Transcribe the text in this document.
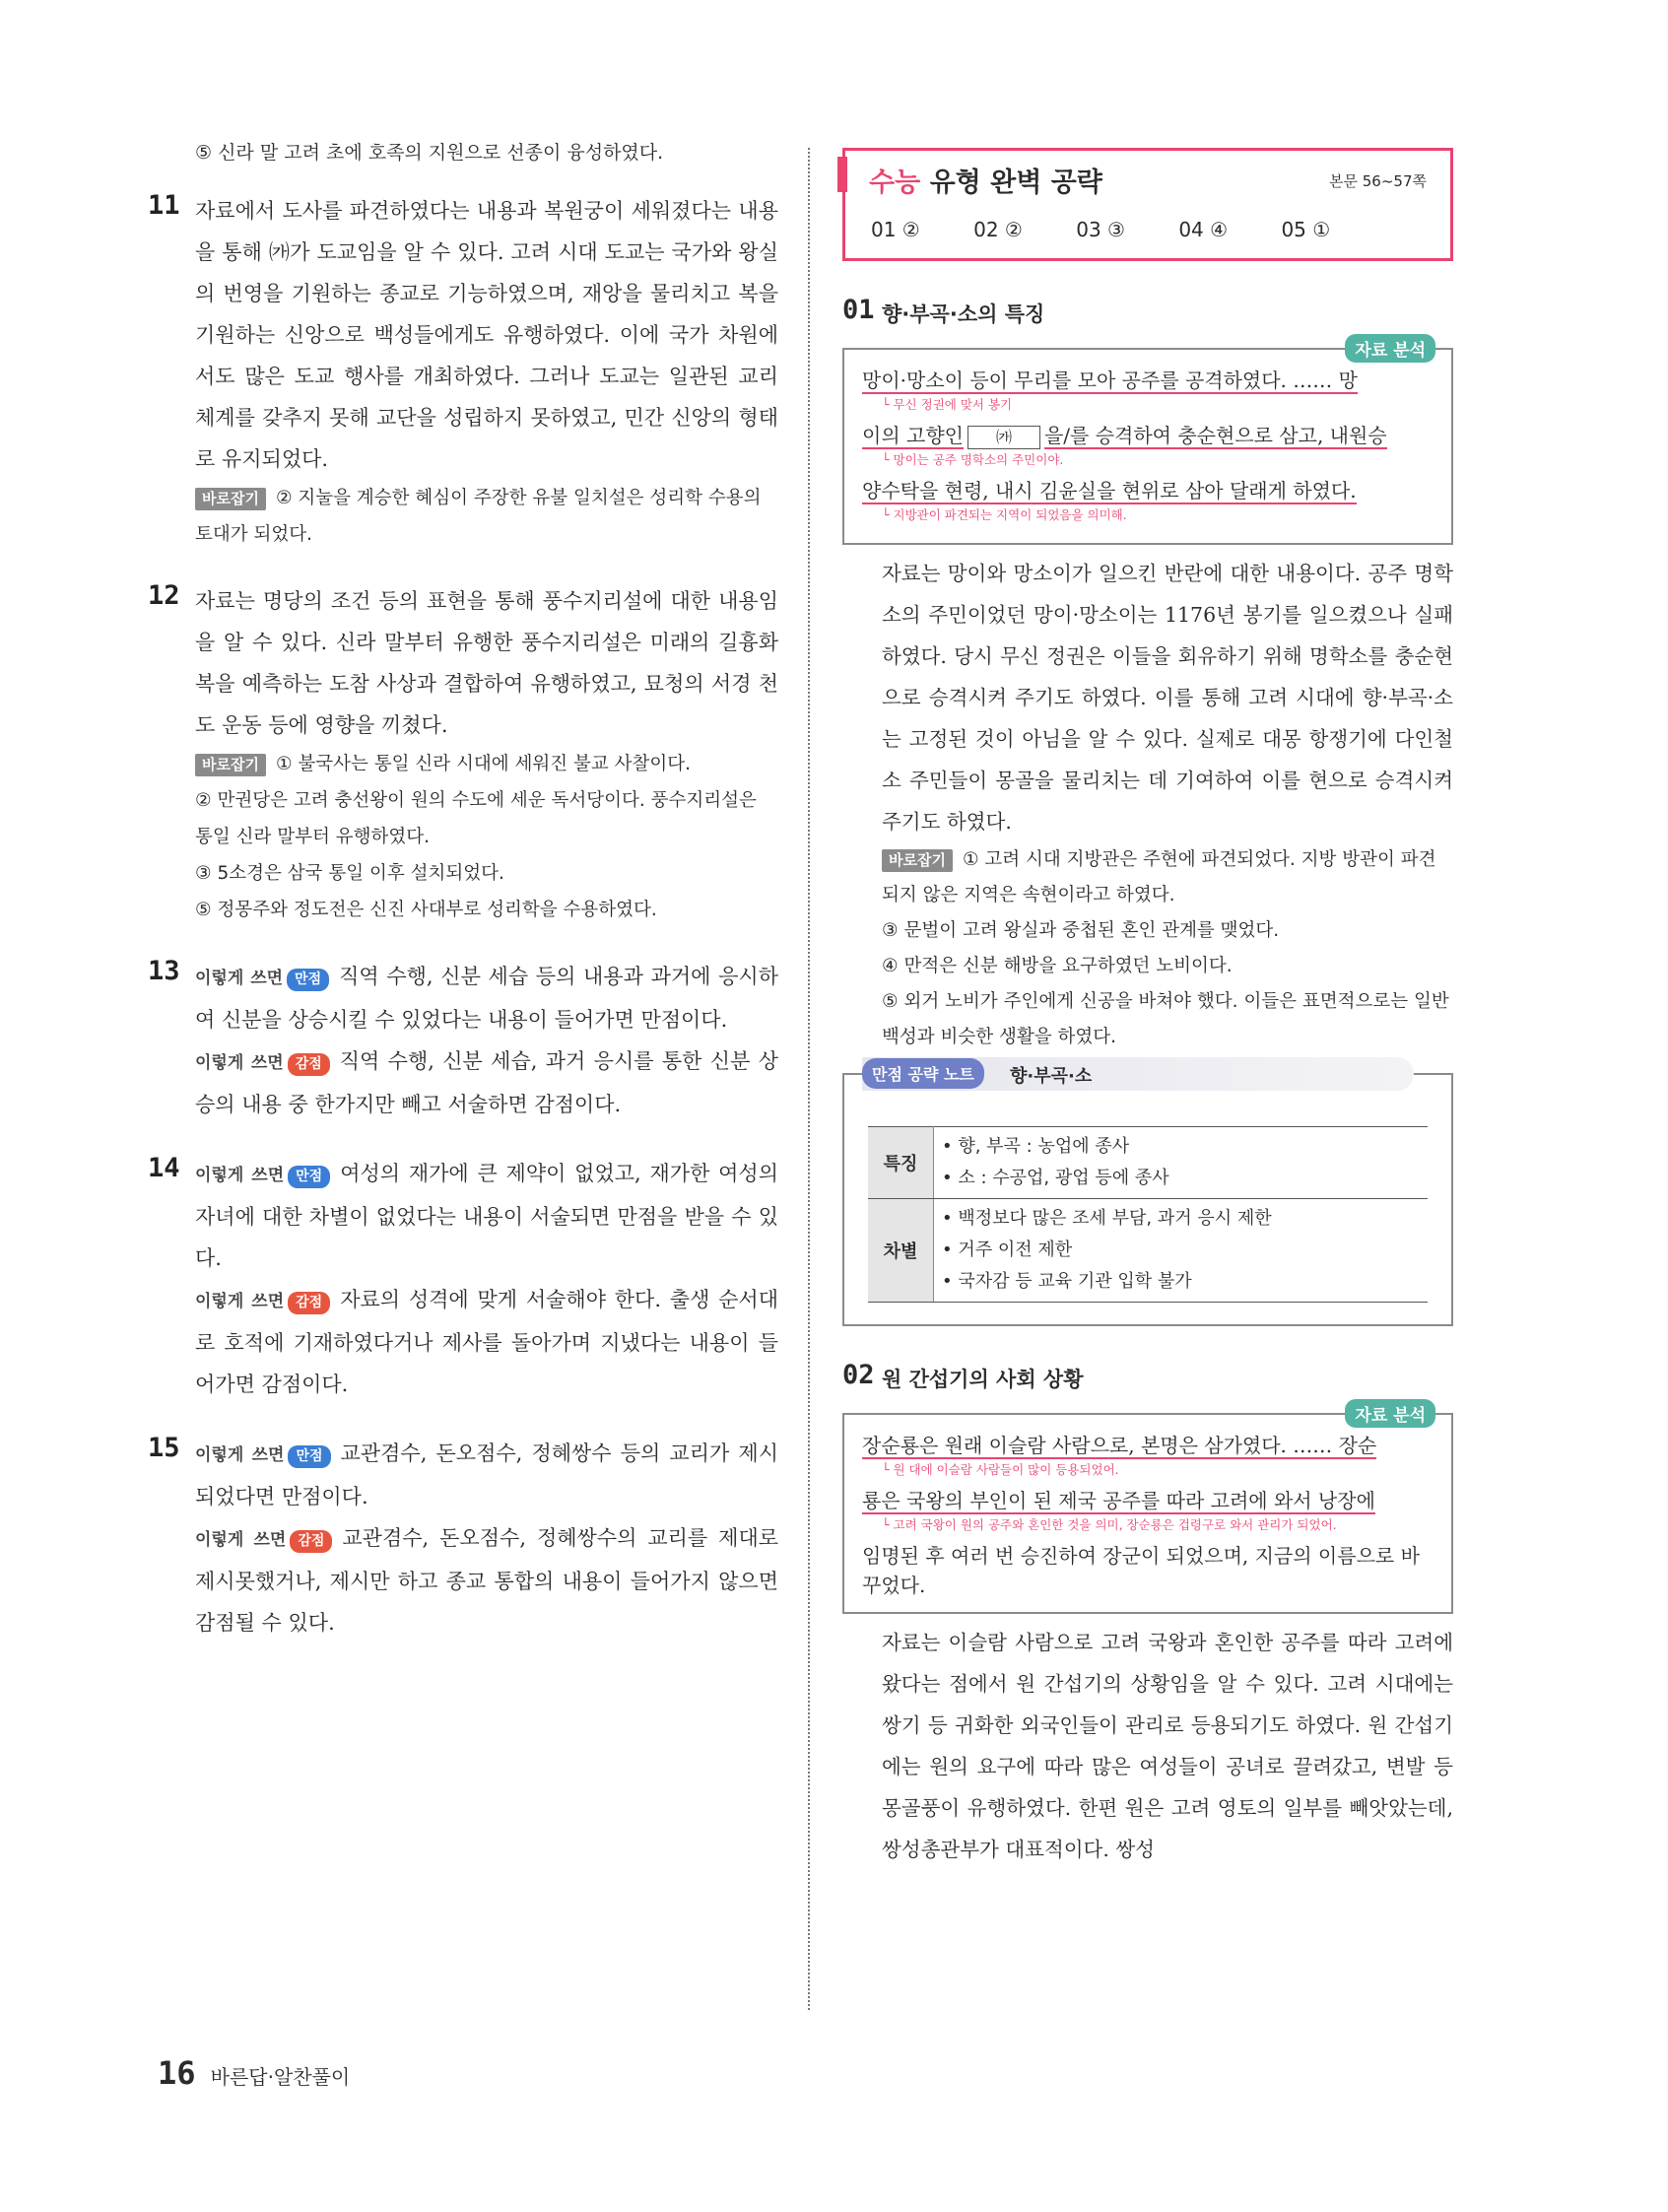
⑤ 신라 말 고려 초에 호족의 지원으로 선종이 융성하였다.
11 자료에서 도사를 파견하였다는 내용과 복원궁이 세워졌다는 내용을 통해 ㈎가 도교임을 알 수 있다. 고려 시대 도교는 국가와 왕실의 번영을 기원하는 종교로 기능하였으며, 재앙을 물리치고 복을 기원하는 신앙으로 백성들에게도 유행하였다. 이에 국가 차원에서도 많은 도교 행사를 개최하였다. 그러나 도교는 일관된 교리 체계를 갖추지 못해 교단을 성립하지 못하였고, 민간 신앙의 형태로 유지되었다.
바로잡기 ② 지눌을 계승한 혜심이 주장한 유불 일치설은 성리학 수용의 토대가 되었다.
12 자료는 명당의 조건 등의 표현을 통해 풍수지리설에 대한 내용임을 알 수 있다. 신라 말부터 유행한 풍수지리설은 미래의 길흉화복을 예측하는 도참 사상과 결합하여 유행하였고, 묘청의 서경 천도 운동 등에 영향을 끼쳤다.
바로잡기 ① 불국사는 통일 신라 시대에 세워진 불교 사찰이다.
② 만권당은 고려 충선왕이 원의 수도에 세운 독서당이다. 풍수지리설은 통일 신라 말부터 유행하였다.
③ 5소경은 삼국 통일 이후 설치되었다.
⑤ 정몽주와 정도전은 신진 사대부로 성리학을 수용하였다.
13 이렇게 쓰면 만점 직역 수행, 신분 세습 등의 내용과 과거에 응시하여 신분을 상승시킬 수 있었다는 내용이 들어가면 만점이다.
이렇게 쓰면 감점 직역 수행, 신분 세습, 과거 응시를 통한 신분 상승의 내용 중 한가지만 빼고 서술하면 감점이다.
14 이렇게 쓰면 만점 여성의 재가에 큰 제약이 없었고, 재가한 여성의 자녀에 대한 차별이 없었다는 내용이 서술되면 만점을 받을 수 있다.
이렇게 쓰면 감점 자료의 성격에 맞게 서술해야 한다. 출생 순서대로 호적에 기재하였다거나 제사를 돌아가며 지냈다는 내용이 들어가면 감점이다.
15 이렇게 쓰면 만점 교관겸수, 돈오점수, 정혜쌍수 등의 교리가 제시되었다면 만점이다.
이렇게 쓰면 감점 교관겸수, 돈오점수, 정혜쌍수의 교리를 제대로 제시못했거나, 제시만 하고 종교 통합의 내용이 들어가지 않으면 감점될 수 있다.
수능 유형 완벽 공략	본문 56~57쪽
01 ②	02 ②	03 ③	04 ④	05 ①
01 향·부곡·소의 특징
자료 분석
망이·망소이 등이 무리를 모아 공주를 공격하였다. …… 망
└ 무신 정권에 맞서 봉기
이의 고향인 ㈎ 을/를 승격하여 충순현으로 삼고, 내원승
└ 망이는 공주 명학소의 주민이야.
양수탁을 현령, 내시 김윤실을 현위로 삼아 달래게 하였다.
└ 지방관이 파견되는 지역이 되었음을 의미해.
자료는 망이와 망소이가 일으킨 반란에 대한 내용이다. 공주 명학소의 주민이었던 망이·망소이는 1176년 봉기를 일으켰으나 실패하였다. 당시 무신 정권은 이들을 회유하기 위해 명학소를 충순현으로 승격시켜 주기도 하였다. 이를 통해 고려 시대에 향·부곡·소는 고정된 것이 아님을 알 수 있다. 실제로 대몽 항쟁기에 다인철소 주민들이 몽골을 물리치는 데 기여하여 이를 현으로 승격시켜 주기도 하였다.
바로잡기 ① 고려 시대 지방관은 주현에 파견되었다. 지방 방관이 파견되지 않은 지역은 속현이라고 하였다.
③ 문벌이 고려 왕실과 중첩된 혼인 관계를 맺었다.
④ 만적은 신분 해방을 요구하였던 노비이다.
⑤ 외거 노비가 주인에게 신공을 바쳐야 했다. 이들은 표면적으로는 일반 백성과 비슷한 생활을 하였다.
만점 공략 노트	향·부곡·소
특징	• 향, 부곡 : 농업에 종사
• 소 : 수공업, 광업 등에 종사

차별	• 백정보다 많은 조세 부담, 과거 응시 제한
• 거주 이전 제한
• 국자감 등 교육 기관 입학 불가
02 원 간섭기의 사회 상황
자료 분석
장순룡은 원래 이슬람 사람으로, 본명은 삼가였다. …… 장순
└ 원 대에 이슬람 사람들이 많이 등용되었어.
룡은 국왕의 부인이 된 제국 공주를 따라 고려에 와서 낭장에
└ 고려 국왕이 원의 공주와 혼인한 것을 의미, 장순룡은 겁령구로 와서 관리가 되었어.
임명된 후 여러 번 승진하여 장군이 되었으며, 지금의 이름으로 바꾸었다.
자료는 이슬람 사람으로 고려 국왕과 혼인한 공주를 따라 고려에 왔다는 점에서 원 간섭기의 상황임을 알 수 있다. 고려 시대에는 쌍기 등 귀화한 외국인들이 관리로 등용되기도 하였다. 원 간섭기에는 원의 요구에 따라 많은 여성들이 공녀로 끌려갔고, 변발 등 몽골풍이 유행하였다. 한편 원은 고려 영토의 일부를 빼앗았는데, 쌍성총관부가 대표적이다. 쌍성
16 바른답·알찬풀이
